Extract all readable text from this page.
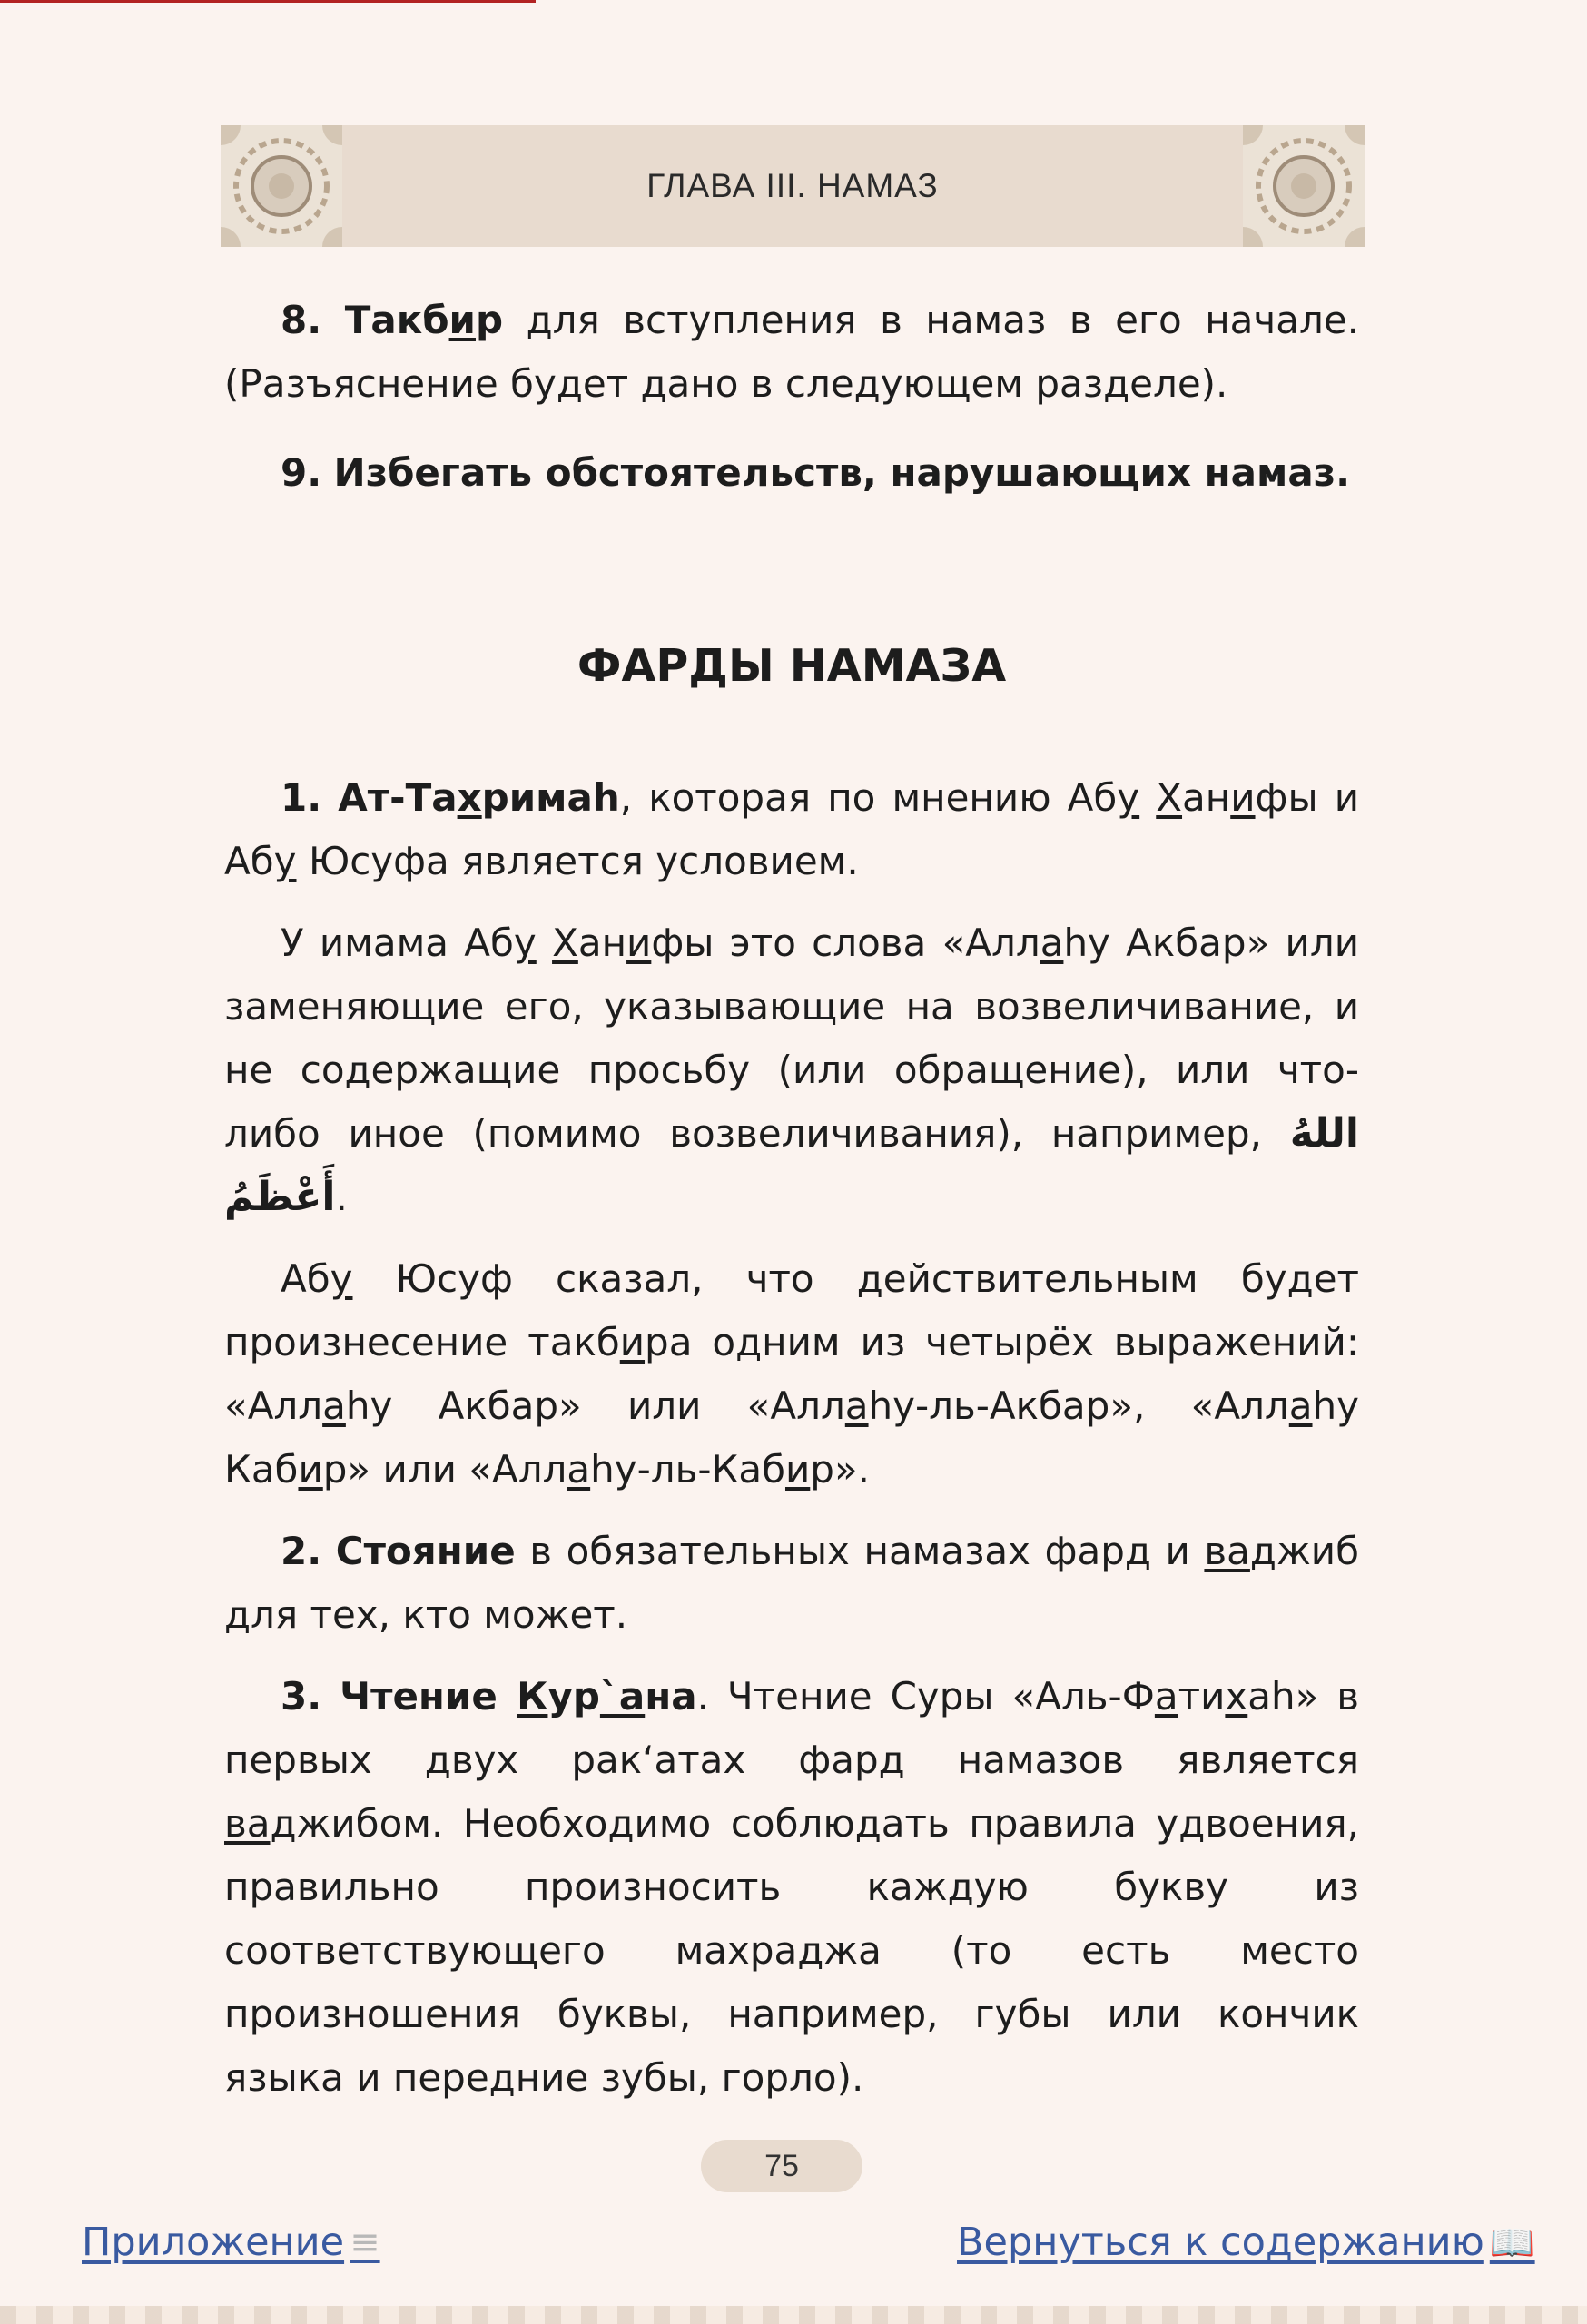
ГЛАВА III. НАМАЗ

8. Такбир для вступления в намаз в его начале. (Разъяснение будет дано в следующем разделе).

9. Избегать обстоятельств, нарушающих намаз.

ФАРДЫ НАМАЗА

1. Ат-Тахримаh, которая по мнению Абу Ханифы и Абу Юсуфа является условием.

У имама Абу Ханифы это слова «Аллаhу Акбар» или заменяющие его, указывающие на возвеличивание, и не содержащие просьбу (или обращение), или что-либо иное (помимо возвеличивания), например, اللهُ أَعْظَمُ.

Абу Юсуф сказал, что действительным будет произнесение такбира одним из четырёх выражений: «Аллаhу Акбар» или «Аллаhу-ль-Акбар», «Аллаhу Кабир» или «Аллаhу-ль-Кабир».

2. Стояние в обязательных намазах фард и ваджиб для тех, кто может.

3. Чтение Кур`ана. Чтение Суры «Аль-Фатихаh» в первых двух рак‘атах фард намазов является ваджибом. Необходимо соблюдать правила удвоения, правильно произносить каждую букву из соответствующего махраджа (то есть место произношения буквы, например, губы или кончик языка и передние зубы, горло).

75
Приложение ≡	Вернуться к содержанию 📖
